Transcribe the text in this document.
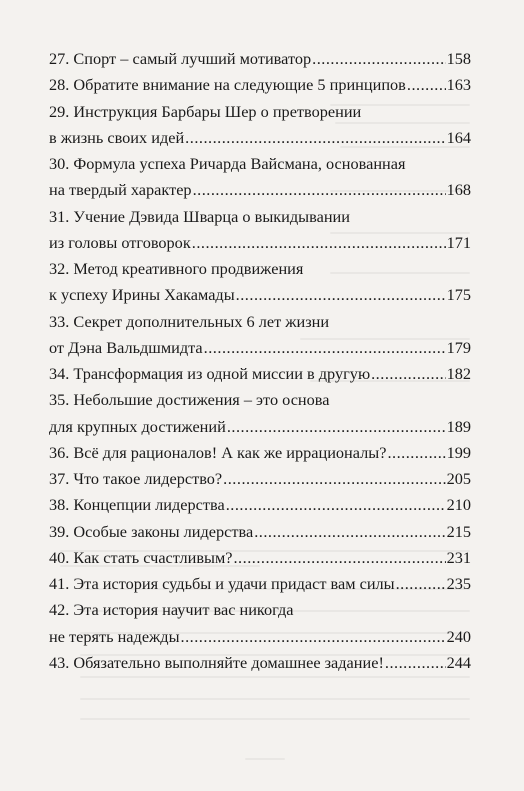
27. Спорт – самый лучший мотиватор .....	158
28. Обратите внимание на следующие 5 принципов ..... 163
29. Инструкция Барбары Шер о претворении
в жизнь своих идей .....	164
30. Формула успеха Ричарда Вайсмана, основанная
на твердый характер .....	168
31. Учение Дэвида Шварца о выкидывании
из головы отговорок .....	171
32. Метод креативного продвижения
к успеху Ирины Хакамады .....	175
33. Секрет дополнительных 6 лет жизни
от Дэна Вальдшмидта .....	179
34. Трансформация из одной миссии в другую .....	182
35. Небольшие достижения – это основа
для крупных достижений .....	189
36. Всё для рационалов! А как же иррационалы? .....	199
37. Что такое лидерство? .....	205
38. Концепции лидерства .....	210
39. Особые законы лидерства .....	215
40. Как стать счастливым? .....	231
41. Эта история судьбы и удачи придаст вам силы .....	235
42. Эта история научит вас никогда
не терять надежды .....	240
43. Обязательно выполняйте домашнее задание! .....	244
